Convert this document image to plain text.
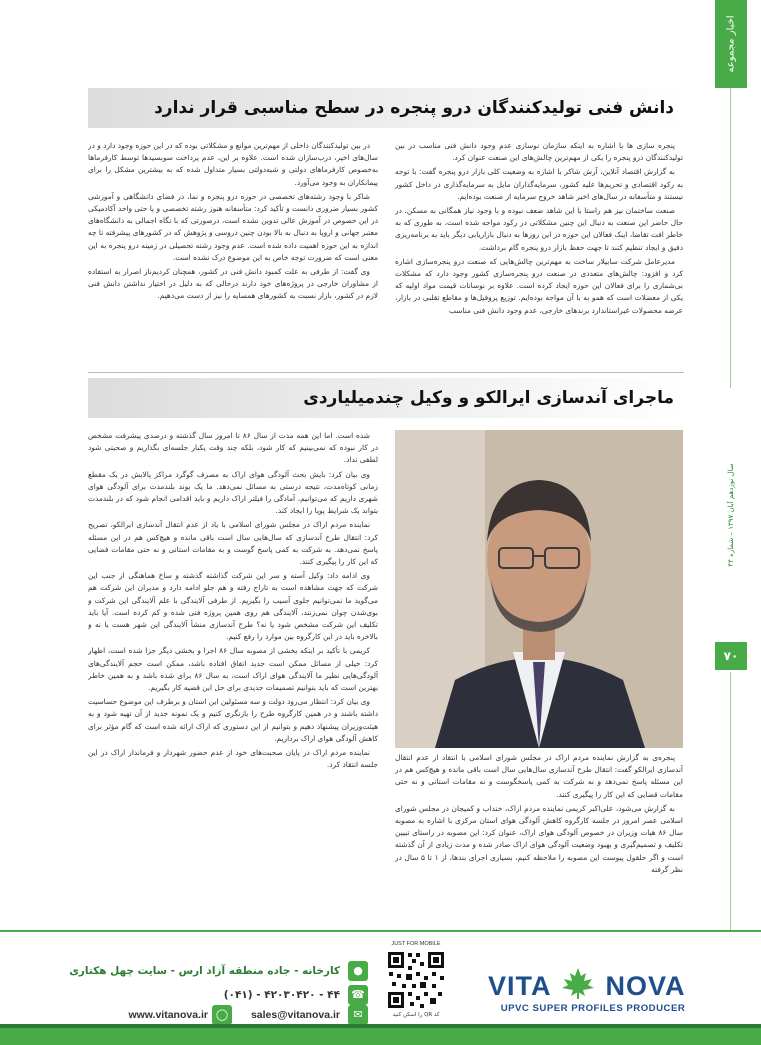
اخبار مجموعه
سال نوزدهم آبان ۱۳۹۷ – شماره ۴۴
۷۰
دانش فنی تولیدکنندگان درو پنجره در سطح مناسبی قرار ندارد

پنجره سازی ها با اشاره به اینکه سازمان نوسازی عدم وجود دانش فنی مناسب در بین تولیدکنندگان درو پنجره را یکی از مهم‌ترین چالش‌های این صنعت عنوان کرد.

به گزارش اقتصاد آنلاین، آرش شاکر با اشاره به وضعیت کلی بازار درو پنجره گفت: با توجه به رکود اقتصادی و تحریم‌ها علیه کشور، سرمایه‌گذاران مایل به سرمایه‌گذاری در داخل کشور نیستند و متأسفانه در سال‌های اخیر شاهد خروج سرمایه از صنعت بوده‌ایم.

صنعت ساختمان نیز هم راستا با این شاهد ضعف نبوده و با وجود نیاز همگانی به مسکن، در حال حاضر این صنعت به دنبال این چنین مشکلاتی در رکود مواجه شده است، به طوری که به خاطر افت تقاضا، اینک فعالان این حوزه در این روزها به دنبال بازاریابی دیگر باید به برنامه‌ریزی دقیق و ایجاد تنظیم کنند تا جهت حفظ بازار درو پنجره گام برداشت.

مدیرعامل شرکت سابیلار ساخت به مهم‌ترین چالش‌هایی که صنعت درو پنجره‌سازی اشاره کرد و افزود: چالش‌های متعددی در صنعت درو پنجره‌سازی کشور وجود دارد که مشکلات بی‌شماری را برای فعالان این حوزه ایجاد کرده است. علاوه بر نوسانات قیمت مواد اولیه که یکی از معضلات است که همو به با آن مواجه بوده‌ایم. توزیع پروفیل‌ها و مقاطع تقلبی در بازار، عرضه محصولات غیراستاندارد برندهای خارجی، عدم وجود دانش فنی مناسب

در بین تولیدکنندگان داخلی از مهم‌ترین موانع و مشکلاتی بوده که در این حوزه وجود دارد و در سال‌های اخیر، درب‌سازان شده است. علاوه بر این، عدم پرداخت سوبسیدها توسط کارفرماها به‌خصوص کارفرماهای دولتی و شبه‌دولتی بسیار متداول شده که به بیشترین مشکل را برای پیمانکاران به وجود می‌آورد.

شاکر با وجود رشته‌های تخصصی در حوزه درو پنجره و نما، در فضای دانشگاهی و آموزشی کشور بسیار ضروری دانست و تأکید کرد: متأسفانه هنوز رشته تخصصی و یا حتی واحد آکادمیکی در این خصوص در آموزش عالی تدوین نشده است، درصورتی که با نگاه اجمالی به دانشگاه‌های معتبر جهانی و اروپا به دنبال به بالا بودن چنین دروسی و پژوهش که در کشورهای پیشرفته تا چه اندازه به این حوزه اهمیت داده شده است. عدم وجود رشته تحصیلی در زمینه درو پنجره به این معنی است که ضرورت توجه خاص به این موضوع درک نشده است.

وی گفت: از طرفی به علت کمبود دانش فنی در کشور، همچنان کردیم‌ناز اصرار به استفاده از مشاوران خارجی در پروژه‌های خود دارند درحالی که به دلیل در اختیار نداشتن دانش فنی لازم در کشور، بازار نسبت به کشورهای همسایه را نیز از دست می‌دهیم.

ماجرای آندسازی ایرالکو و وکیل چندمیلیاردی

پنجره‌ی به گزارش نماینده مردم اراک در مجلس شورای اسلامی با انتقاد از عدم انتقال آندسازی ایرالکو گفت: انتقال طرح آندسازی سال‌هایی سال است باقی مانده و هیچ‌کس هم در این مسئله پاسخ نمی‌دهد و نه شرکت به کمی پاسخگوست و نه مقامات استانی و نه حتی مقامات قضایی که این کار را پیگیری کنند.

به گزارش می‌شود، علی‌اکبر کریمی نماینده مردم اراک، خنداب و کمیجان در مجلس شورای اسلامی عصر امروز در جلسه کارگروه کاهش آلودگی هوای استان مرکزی با اشاره به مصوبه سال ۸۶ هیات وزیران در خصوص آلودگی هوای اراک، عنوان کرد: این مصوبه در راستای تبیین تکلیف و تصمیم‌گیری و بهبود وضعیت آلودگی هوای اراک صادر شده و مدت زیادی از آن گذشته است و اگر حلقول پیوست این مصوبه را ملاحظه کنیم، بسیاری اجرای بندها، از ۱ تا ۵ سال در نظر گرفته

شده است. اما این همه مدت از سال ۸۶ تا امروز سال گذشته و درصدی پیشرفت مشخص در کار نبوده که نمی‌بینیم که کار شود، بلکه چند وقت یکبار جلسه‌ای بگذاریم و صحبتی شود لطفی نداد.

وی بیان کرد: بایش بحث آلودگی هوای اراک به مصرف گوگرد مراکز پالایش در یک مقطع زمانی کوتاه‌مدت، نتیجه درستی به مسائل نمی‌دهد. ما یک بوند بلندمدت برای آلودگی هوای شهری داریم که می‌توانیم، آمادگی را فیلتر اراک داریم و باید اقدامی انجام شود که در بلندمدت بتواند یک شرایط پویا را ایجاد کند.

نماینده مردم اراک در مجلس شورای اسلامی با یاد از عدم انتقال آندسازی ایرالکو، تصریح کرد: انتقال طرح آندسازی که سال‌هایی سال است باقی مانده و هیچ‌کس هم در این مسئله پاسخ نمی‌دهد. به شرکت به کمی پاسخ گوست و به مقامات استانی و نه حتی مقامات قضایی که این کار را پیگیری کنند.

وی ادامه داد: وکیل آسته و سر این شرکت گذاشته گذشته و ساخ هماهنگی از جنب این شرکت که جهت مشاهده است به تاراج رفته و هم جلو ادامه دارد و مدیران این شرکت هم می‌گوید ما نمی‌توانیم جلوی آسیب را بگیریم. از طرفی آلایندگی با علم آلایندگی این شرکت و بوی‌شدن چوان نمی‌زنند، آلایندگی هم روی همین پروژه فنی شده و کم کرده است. آیا باید تکلیف این شرکت مشخص شود یا نه؟ طرح آندسازی منشأ آلایندگی این شهر هست یا نه و بالاخره باید در این کارگروه بین موارد را رفع کنیم.

کریمی با تأکید بر اینکه بخشی از مصوبه سال ۸۶ اجرا و بخشی دیگر جزا شده است، اظهار کرد: خیلی از مسائل ممکن است جدید اتفاق افتاده باشد، ممکن است حجم آلایندگی‌های آلودگی‌هایی نظیر ما آلایندگی هوای اراک است، به سال ۸۶ برای شده باشد و به همین خاطر بهترین است که باید بتوانیم تصمیمات جدیدی برای حل این قضیه کار بگیریم.

وی بیان کرد: انتظار می‌رود دولت و سه مسئولین این استان و برطرف این موضوع حساسیت داشته باشند و در همین کارگروه طرح را بازنگری کنیم و یک نمونه جدید از آن تهیه شود و به هیئت‌وزیران پیشنهاد دهیم و بتوانیم از این دستوری که اراک ارائه شده است که گام مؤثر برای کاهش آلودگی هوای اراک برداریم.

نماینده مردم اراک در پایان صحبت‌های خود از عدم حضور شهردار و فرماندار اراک در این جلسه انتقاد کرد.

VITA NOVA
UPVC SUPER PROFILES PRODUCER
JUST FOR MOBILE
کد QR را اسکن کنید
●
کارخانه - جاده منطقه آزاد ارس - سایت چهل هکتاری
☎
(۰۴۱) - ۴۲۰۳۰۴۲۰ - ۴۴
✉
sales@vitanova.ir
www.vitanova.ir ◯
